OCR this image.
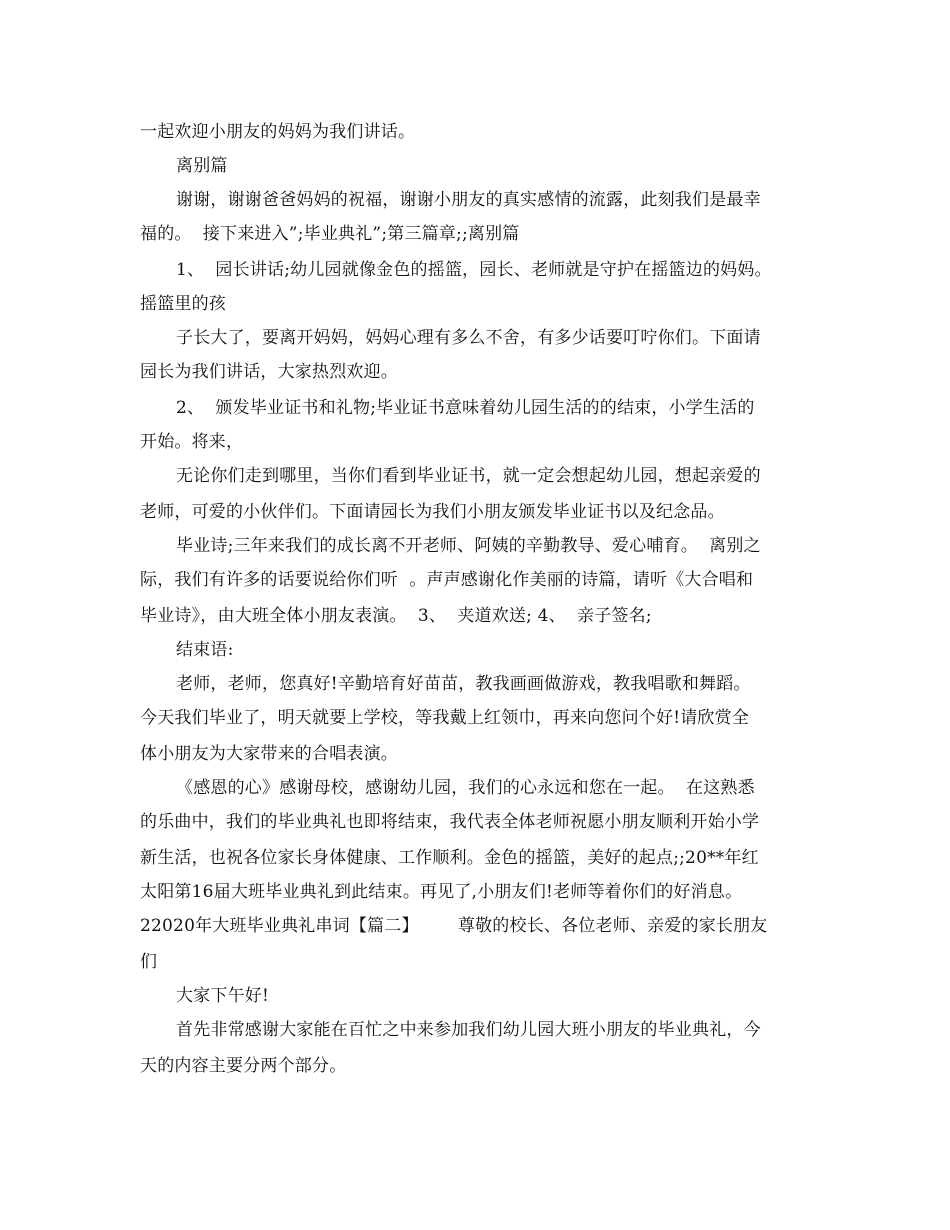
一起欢迎小朋友的妈妈为我们讲话。
离别篇
谢谢，谢谢爸爸妈妈的祝福，谢谢小朋友的真实感情的流露，此刻我们是最幸
福的。  接下来进入”;毕业典礼”;第三篇章;;离别篇
1、  园长讲话;幼儿园就像金色的摇篮，园长、老师就是守护在摇篮边的妈妈。
摇篮里的孩
子长大了，要离开妈妈，妈妈心理有多么不舍，有多少话要叮咛你们。下面请
园长为我们讲话，大家热烈欢迎。
2、  颁发毕业证书和礼物;毕业证书意味着幼儿园生活的的结束，小学生活的
开始。将来，
无论你们走到哪里，当你们看到毕业证书，就一定会想起幼儿园，想起亲爱的
老师，可爱的小伙伴们。下面请园长为我们小朋友颁发毕业证书以及纪念品。
毕业诗;三年来我们的成长离不开老师、阿姨的辛勤教导、爱心哺育。  离别之
际，我们有许多的话要说给你们听  。声声感谢化作美丽的诗篇，请听《大合唱和
毕业诗》，由大班全体小朋友表演。  3、  夹道欢送; 4、  亲子签名;
结束语:
老师，老师，您真好!辛勤培育好苗苗，教我画画做游戏，教我唱歌和舞蹈。
今天我们毕业了，明天就要上学校，等我戴上红领巾，再来向您问个好!请欣赏全
体小朋友为大家带来的合唱表演。
《感恩的心》感谢母校，感谢幼儿园，我们的心永远和您在一起。  在这熟悉
的乐曲中，我们的毕业典礼也即将结束，我代表全体老师祝愿小朋友顺利开始小学
新生活，也祝各位家长身体健康、工作顺利。金色的摇篮，美好的起点;;20**年红
太阳第16届大班毕业典礼到此结束。再见了,小朋友们!老师等着你们的好消息。
22020年大班毕业典礼串词【篇二】       尊敬的校长、各位老师、亲爱的家长朋友
们
大家下午好!
首先非常感谢大家能在百忙之中来参加我们幼儿园大班小朋友的毕业典礼，今
天的内容主要分两个部分。
